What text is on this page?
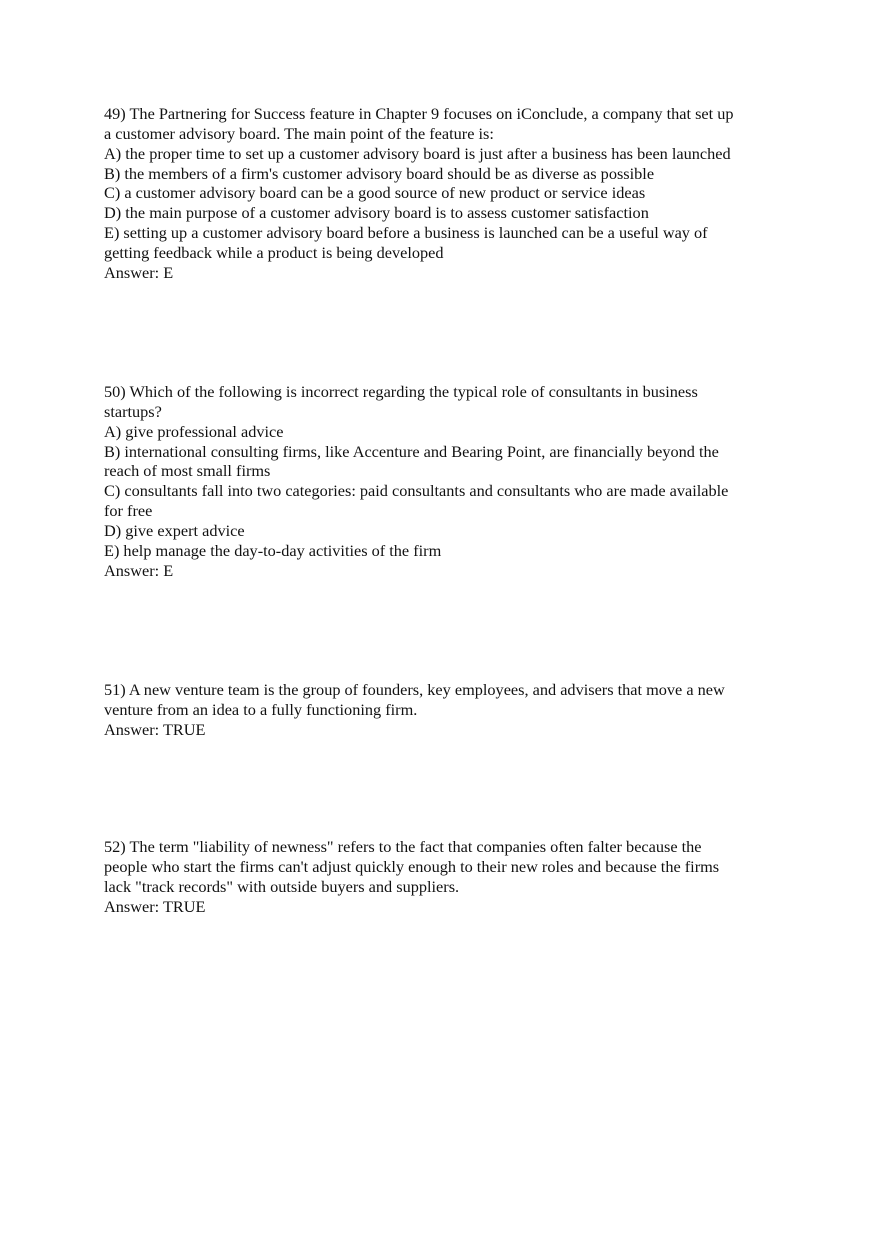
49) The Partnering for Success feature in Chapter 9 focuses on iConclude, a company that set up
a customer advisory board. The main point of the feature is:
A) the proper time to set up a customer advisory board is just after a business has been launched
B) the members of a firm's customer advisory board should be as diverse as possible
C) a customer advisory board can be a good source of new product or service ideas
D) the main purpose of a customer advisory board is to assess customer satisfaction
E) setting up a customer advisory board before a business is launched can be a useful way of
getting feedback while a product is being developed
Answer: E
50) Which of the following is incorrect regarding the typical role of consultants in business
startups?
A) give professional advice
B) international consulting firms, like Accenture and Bearing Point, are financially beyond the
reach of most small firms
C) consultants fall into two categories: paid consultants and consultants who are made available
for free
D) give expert advice
E) help manage the day-to-day activities of the firm
Answer: E
51) A new venture team is the group of founders, key employees, and advisers that move a new
venture from an idea to a fully functioning firm.
Answer: TRUE
52) The term "liability of newness" refers to the fact that companies often falter because the
people who start the firms can't adjust quickly enough to their new roles and because the firms
lack "track records" with outside buyers and suppliers.
Answer: TRUE
